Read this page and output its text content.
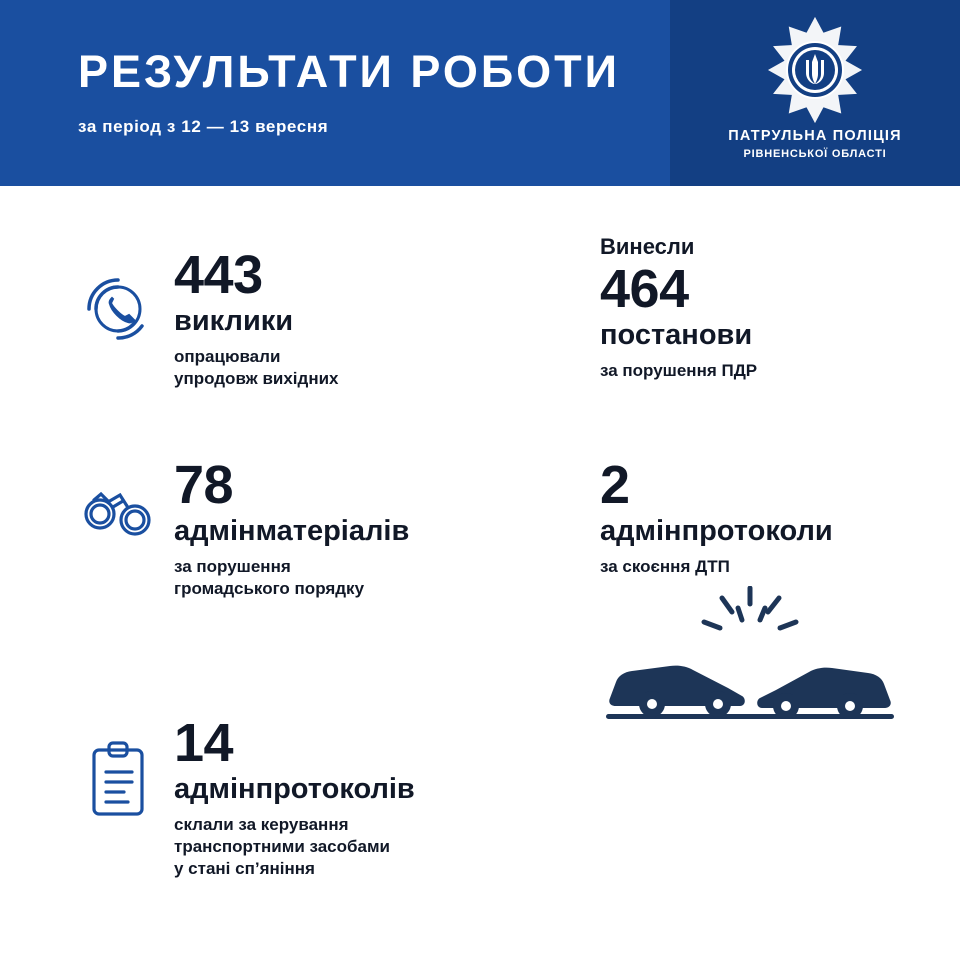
РЕЗУЛЬТАТИ РОБОТИ
за період з 12 — 13 вересня	ПАТРУЛЬНА ПОЛІЦІЯ
РІВНЕНСЬКОЇ ОБЛАСТІ
443
виклики
опрацювали
упродовж вихідних
78
адмінматеріалів
за порушення
громадського порядку
14
адмінпротоколів
склали за керування
транспортними засобами
у стані сп’яніння
Винесли
464
постанови
за порушення ПДР
2
адмінпротоколи
за скоєння ДТП
